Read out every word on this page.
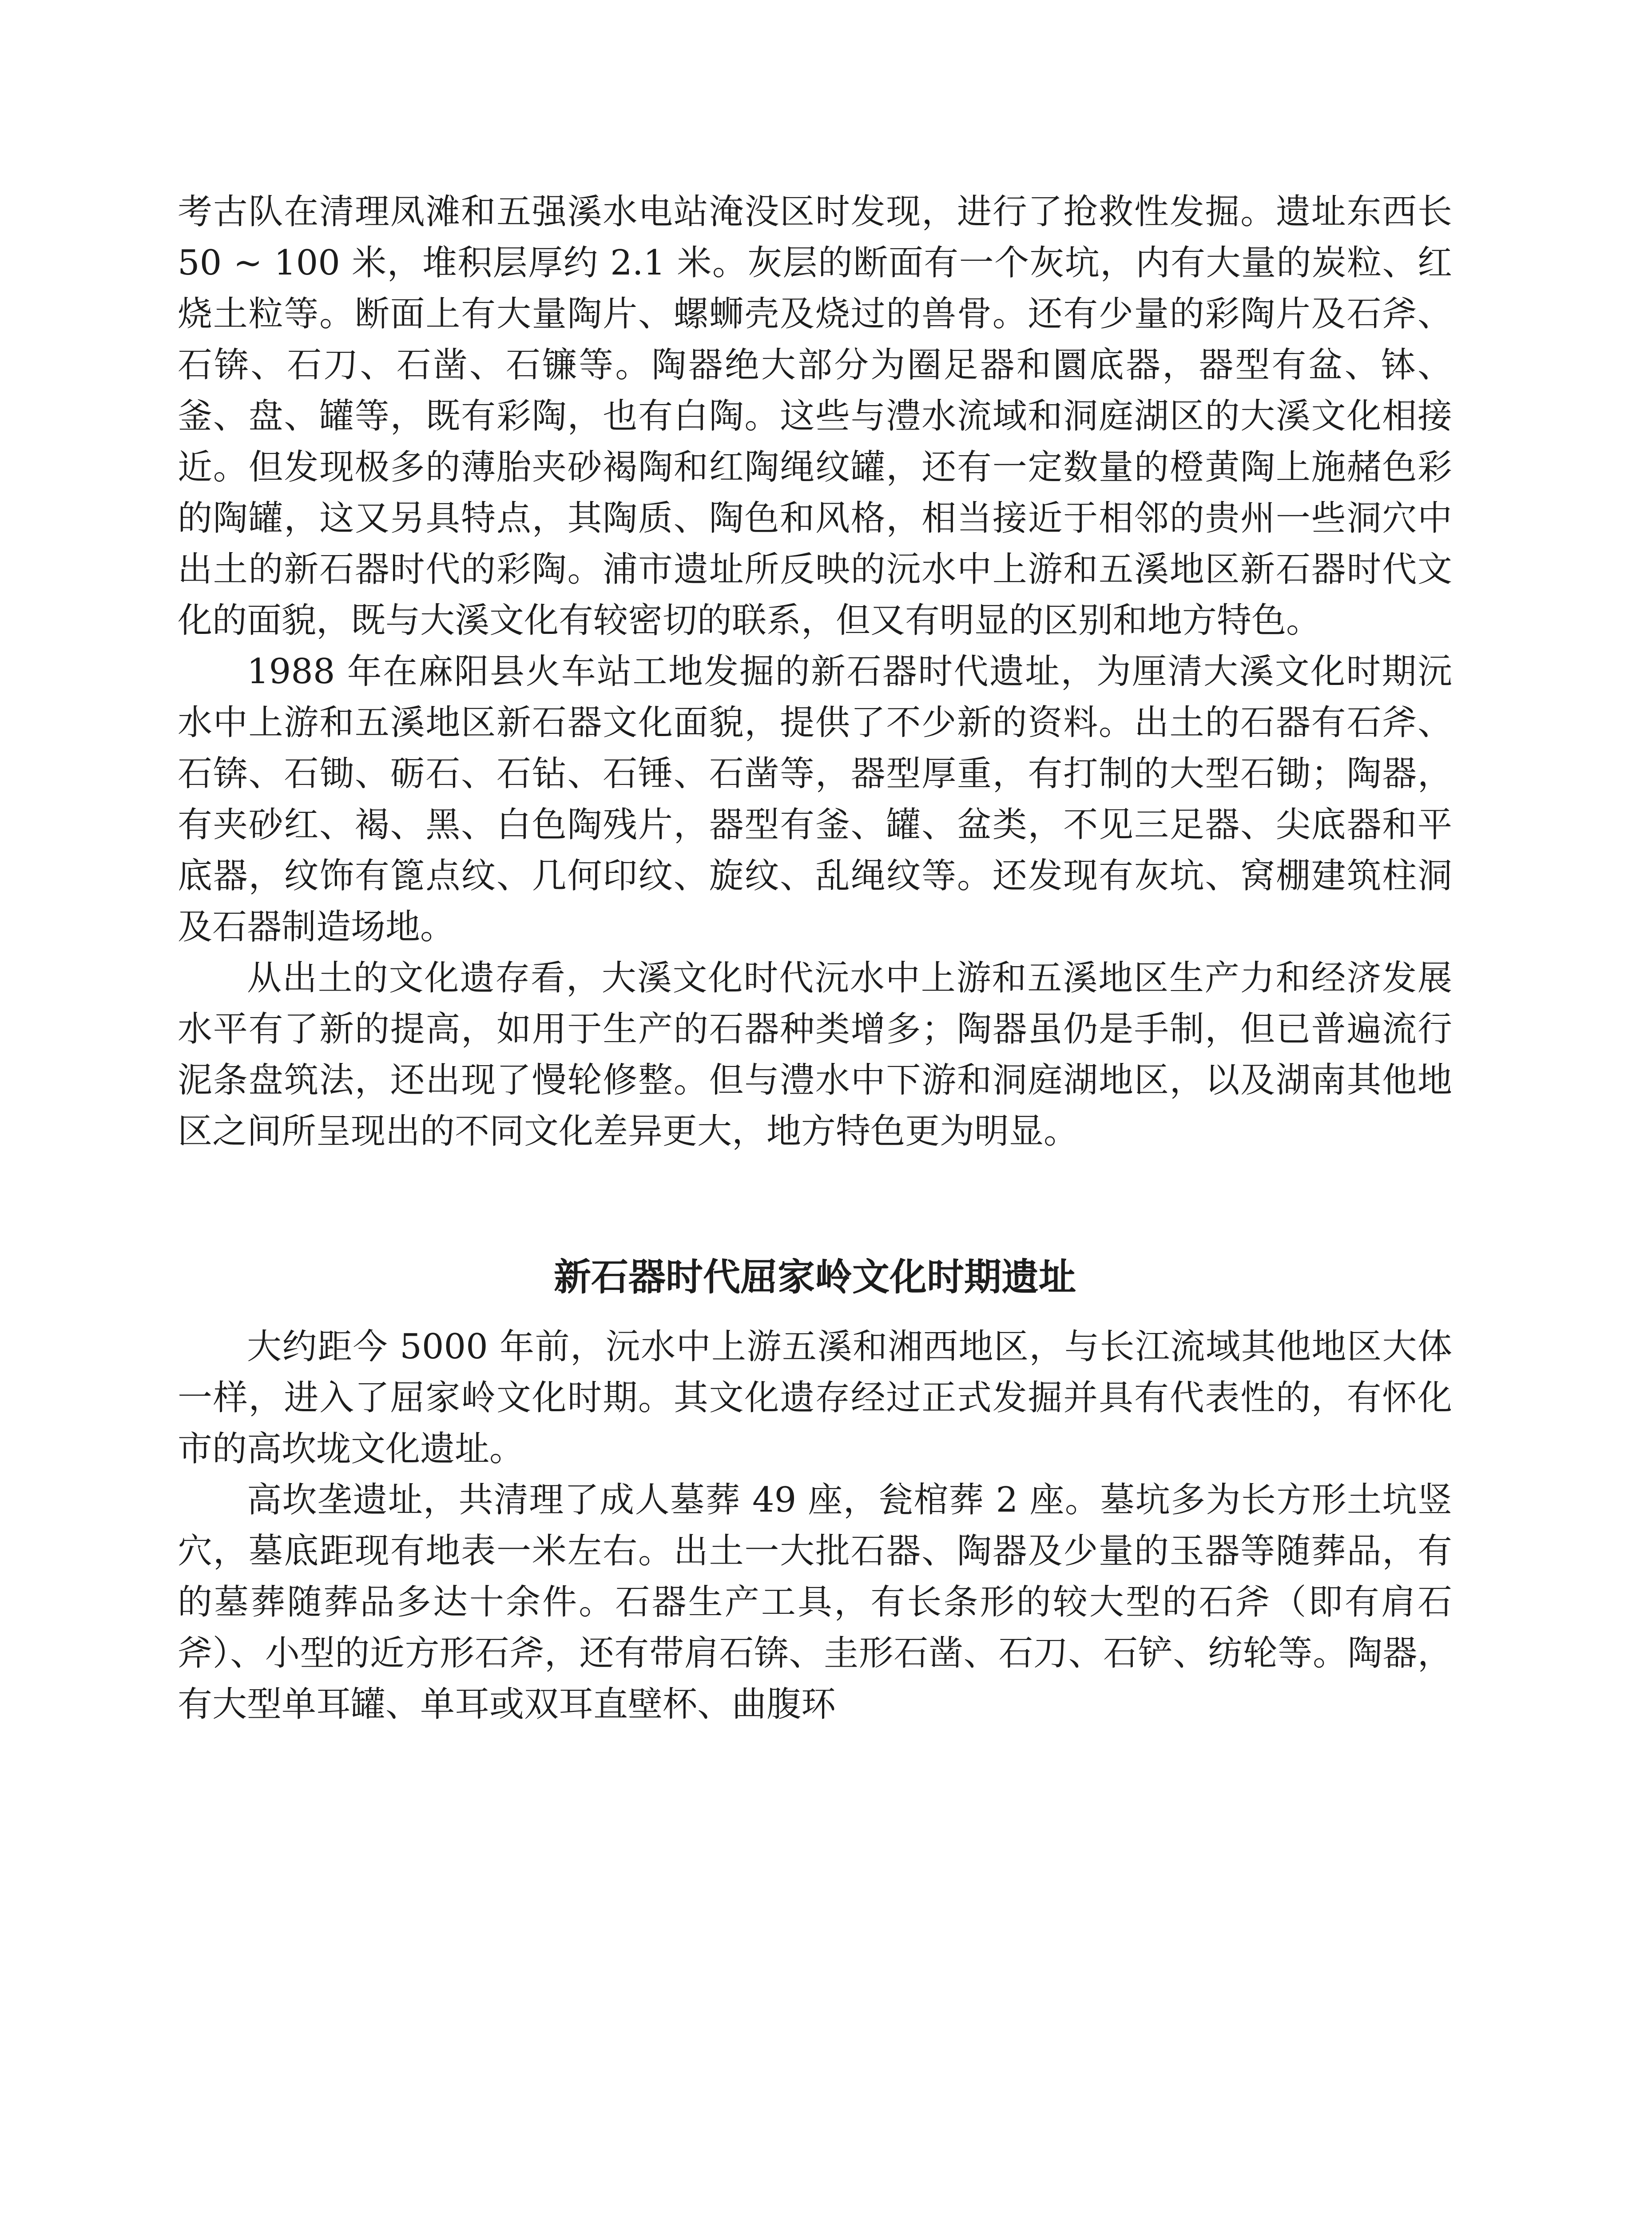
考古队在清理凤滩和五强溪水电站淹没区时发现，进行了抢救性发掘。遗址东西长 50 ~ 100 米，堆积层厚约 2.1 米。灰层的断面有一个灰坑，内有大量的炭粒、红烧土粒等。断面上有大量陶片、螺蛳壳及烧过的兽骨。还有少量的彩陶片及石斧、石锛、石刀、石凿、石镰等。陶器绝大部分为圈足器和圜底器，器型有盆、钵、釜、盘、罐等，既有彩陶，也有白陶。这些与澧水流域和洞庭湖区的大溪文化相接近。但发现极多的薄胎夹砂褐陶和红陶绳纹罐，还有一定数量的橙黄陶上施赭色彩的陶罐，这又另具特点，其陶质、陶色和风格，相当接近于相邻的贵州一些洞穴中出土的新石器时代的彩陶。浦市遗址所反映的沅水中上游和五溪地区新石器时代文化的面貌，既与大溪文化有较密切的联系，但又有明显的区别和地方特色。

1988 年在麻阳县火车站工地发掘的新石器时代遗址，为厘清大溪文化时期沅水中上游和五溪地区新石器文化面貌，提供了不少新的资料。出土的石器有石斧、石锛、石锄、砺石、石钻、石锤、石凿等，器型厚重，有打制的大型石锄；陶器，有夹砂红、褐、黑、白色陶残片，器型有釜、罐、盆类，不见三足器、尖底器和平底器，纹饰有篦点纹、几何印纹、旋纹、乱绳纹等。还发现有灰坑、窝棚建筑柱洞及石器制造场地。

从出土的文化遗存看，大溪文化时代沅水中上游和五溪地区生产力和经济发展水平有了新的提高，如用于生产的石器种类增多；陶器虽仍是手制，但已普遍流行泥条盘筑法，还出现了慢轮修整。但与澧水中下游和洞庭湖地区，以及湖南其他地区之间所呈现出的不同文化差异更大，地方特色更为明显。

新石器时代屈家岭文化时期遗址

大约距今 5000 年前，沅水中上游五溪和湘西地区，与长江流域其他地区大体一样，进入了屈家岭文化时期。其文化遗存经过正式发掘并具有代表性的，有怀化市的高坎垅文化遗址。

高坎垄遗址，共清理了成人墓葬 49 座，瓮棺葬 2 座。墓坑多为长方形土坑竖穴，墓底距现有地表一米左右。出土一大批石器、陶器及少量的玉器等随葬品，有的墓葬随葬品多达十余件。石器生产工具，有长条形的较大型的石斧（即有肩石斧）、小型的近方形石斧，还有带肩石锛、圭形石凿、石刀、石铲、纺轮等。陶器，有大型单耳罐、单耳或双耳直壁杯、曲腹环
